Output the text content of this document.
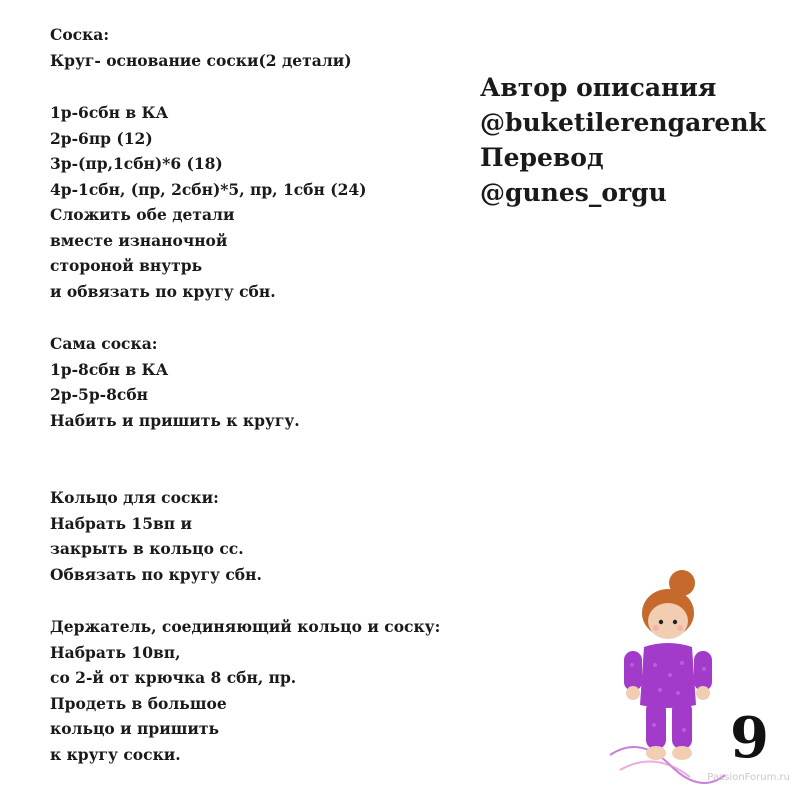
Соска:
Круг- основание соски(2 детали)
1р-6сбн в КА
2р-6пр (12)
3р-(пр,1сбн)*6 (18)
4р-1сбн, (пр, 2сбн)*5, пр, 1сбн (24)
Сложить обе детали
вместе изнаночной
стороной внутрь
и обвязать по кругу сбн.
Сама соска:
1р-8сбн в КА
2р-5р-8сбн
Набить и пришить к кругу.
Кольцо для соски:
Набрать 15вп и
закрыть в кольцо сс.
Обвязать по кругу сбн.
Держатель, соединяющий кольцо и соску:
Набрать 10вп,
со 2-й от крючка 8 сбн, пр.
Продеть в большое
кольцо и пришить
к кругу соски.
Автор описания
@buketilerengarenk
Перевод
@gunes_orgu
9
PassionForum.ru
